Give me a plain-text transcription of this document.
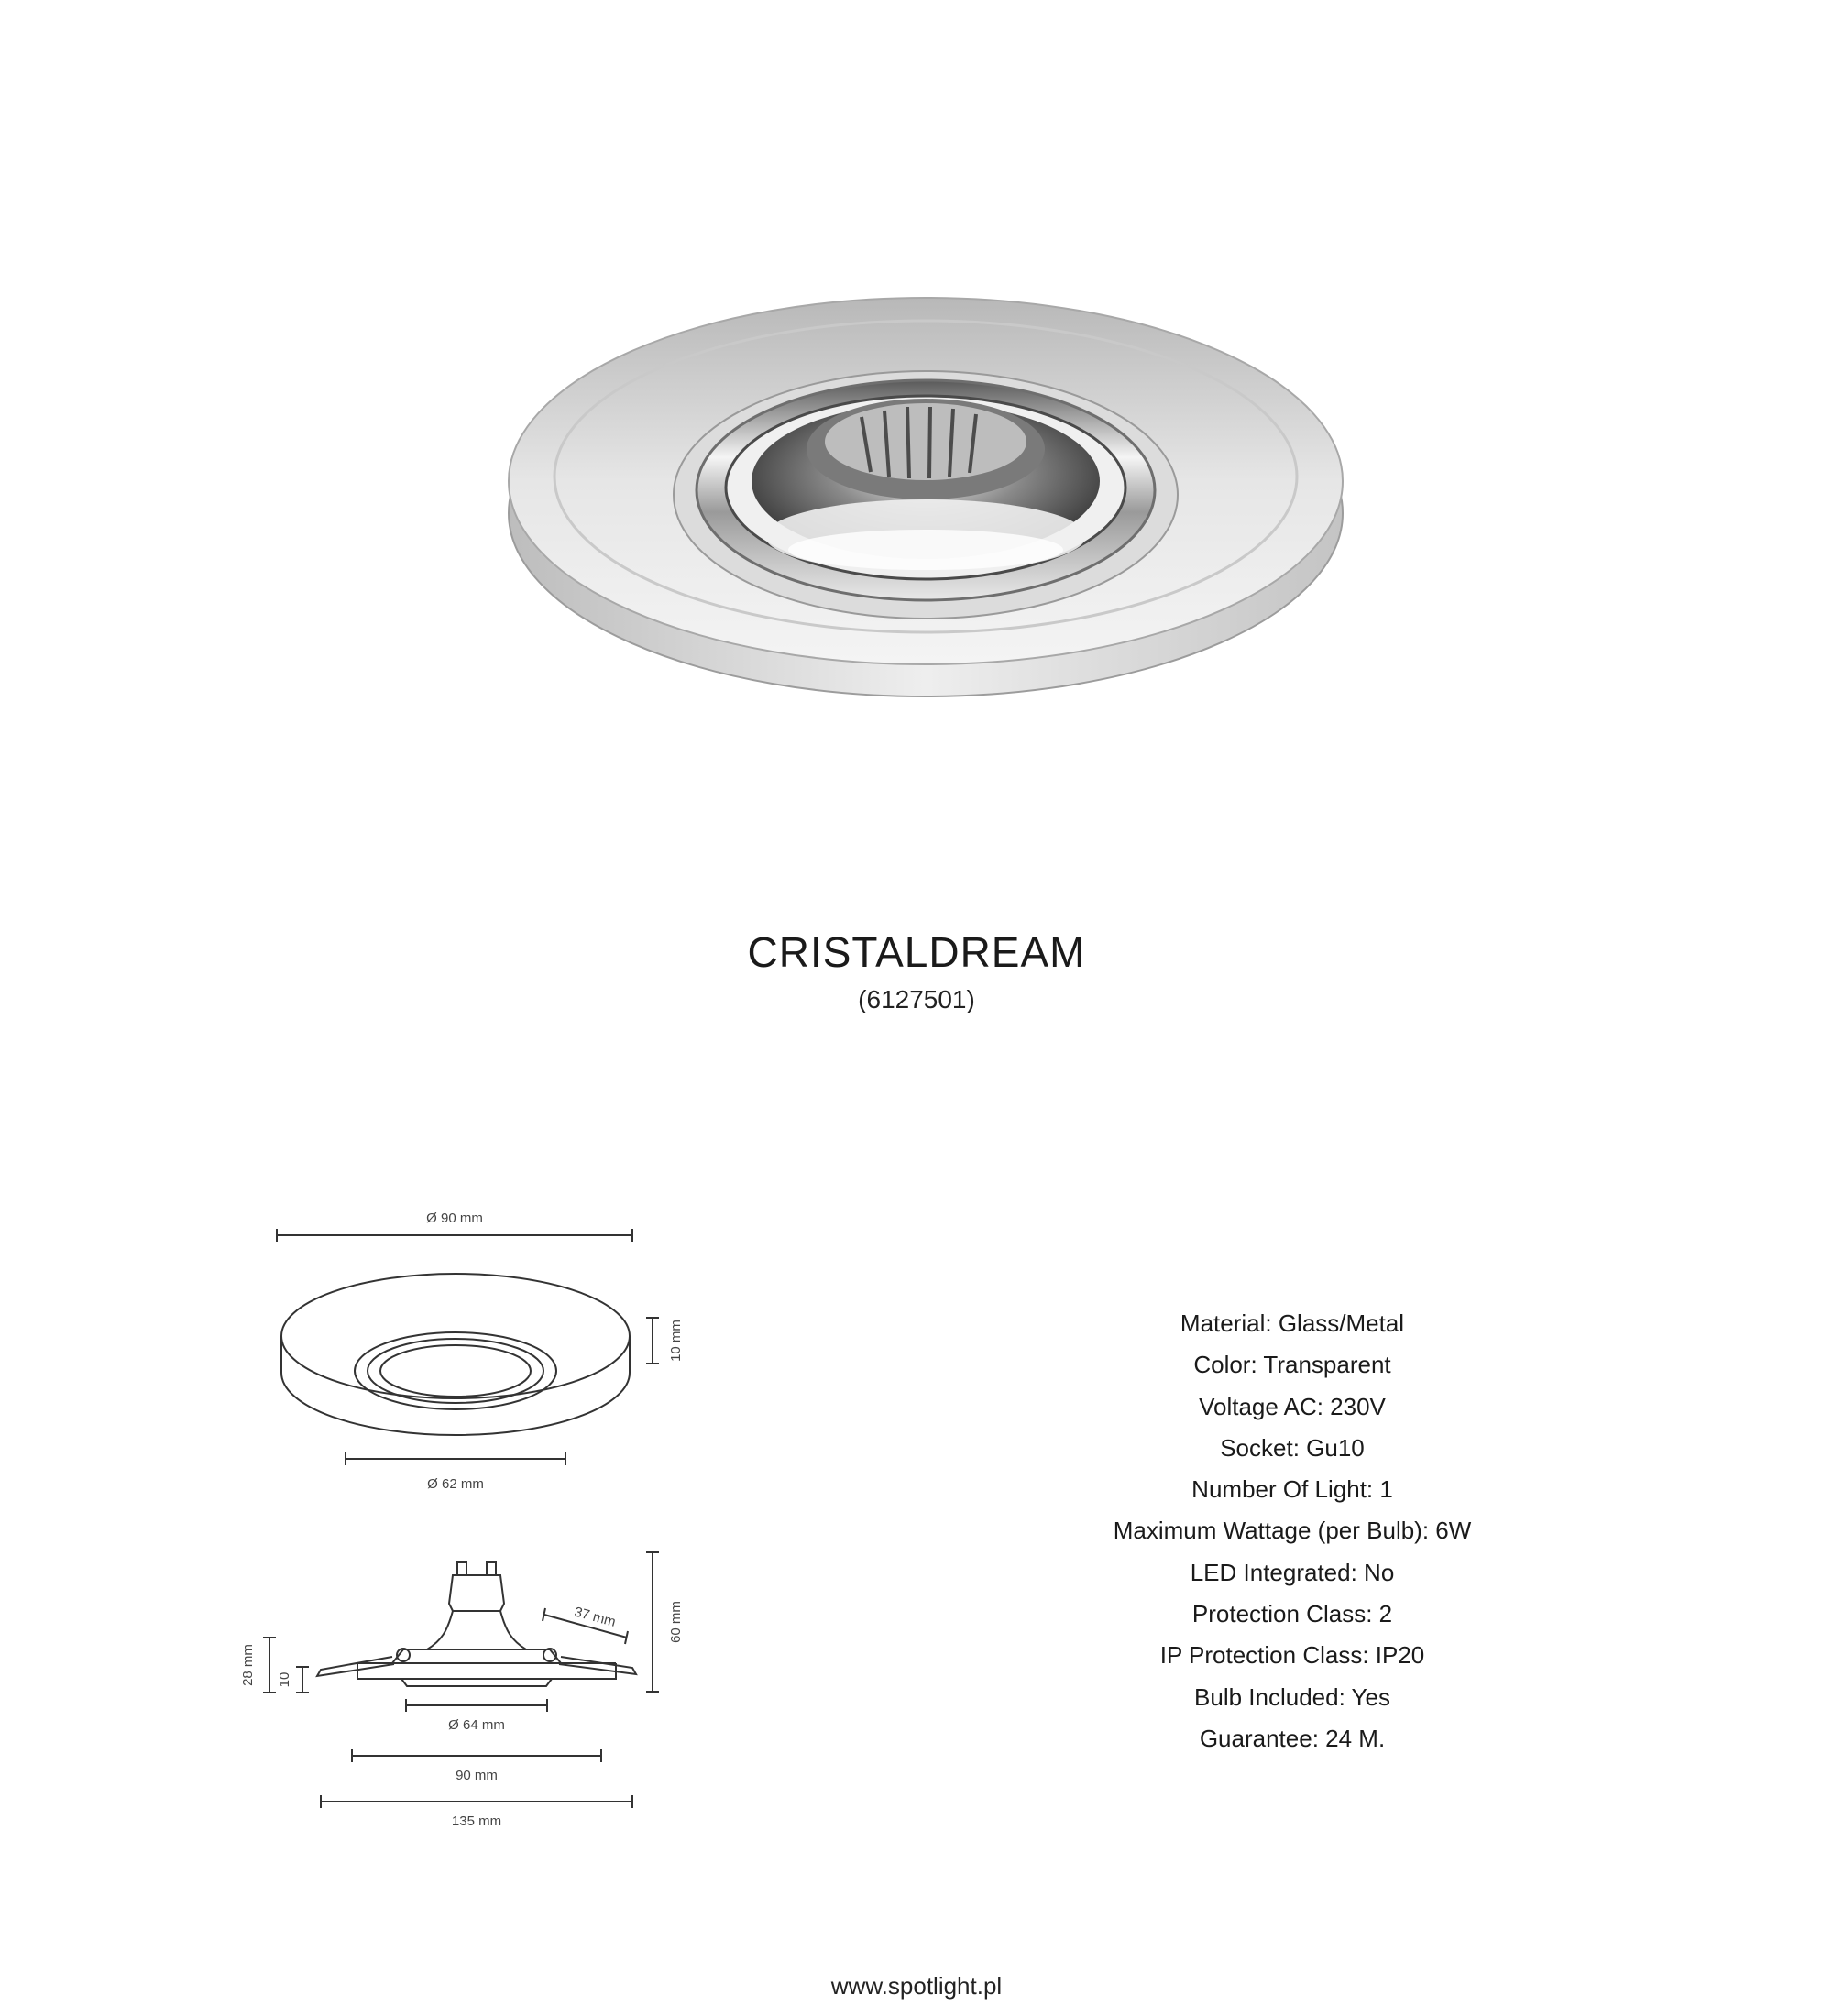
CRISTALDREAM
(6127501)
Ø 90 mm
10 mm
Ø 62 mm
37 mm	60 mm
28 mm 10
Ø 64 mm
90 mm
135 mm
Material: Glass/Metal
Color: Transparent
Voltage AC: 230V
Socket: Gu10
Number Of Light: 1
Maximum Wattage (per Bulb): 6W
LED Integrated: No
Protection Class: 2
IP Protection Class: IP20
Bulb Included: Yes
Guarantee: 24 M.
www.spotlight.pl
